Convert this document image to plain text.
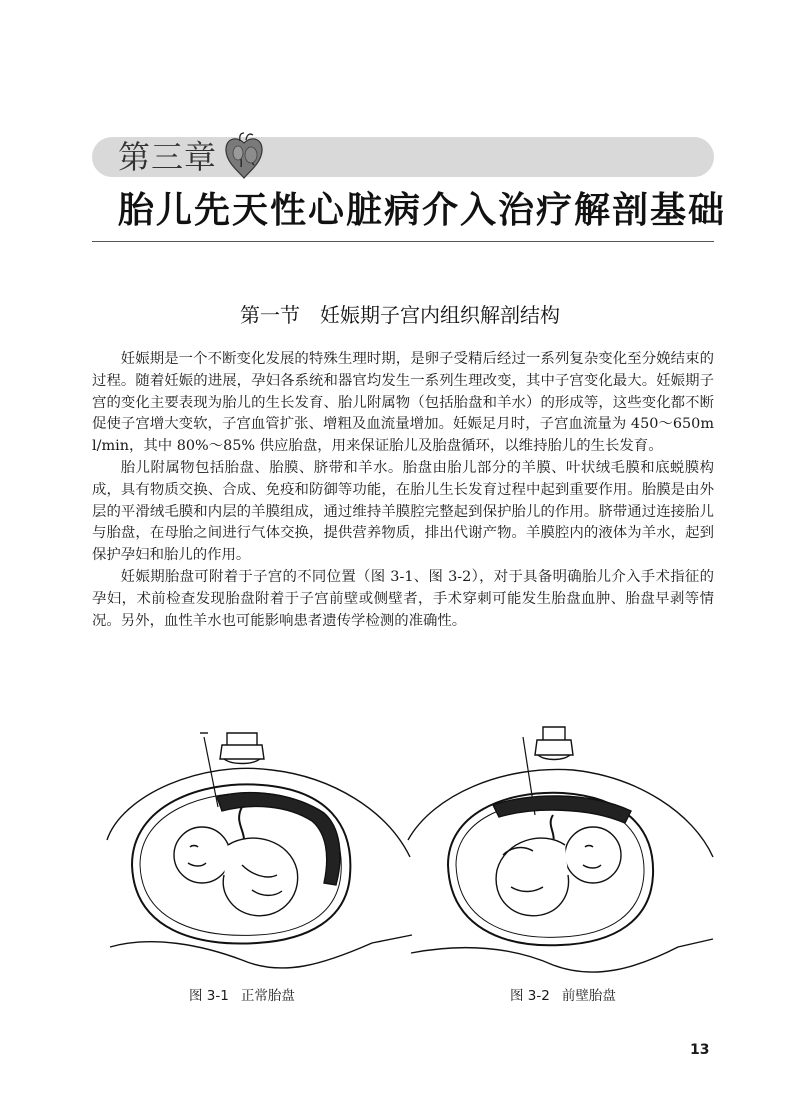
第三章
胎儿先天性心脏病介入治疗解剖基础
第一节　妊娠期子宫内组织解剖结构

妊娠期是一个不断变化发展的特殊生理时期，是卵子受精后经过一系列复杂变化至分娩结束的过程。随着妊娠的进展，孕妇各系统和器官均发生一系列生理改变，其中子宫变化最大。妊娠期子宫的变化主要表现为胎儿的生长发育、胎儿附属物（包括胎盘和羊水）的形成等，这些变化都不断促使子宫增大变软，子宫血管扩张、增粗及血流量增加。妊娠足月时，子宫血流量为 450～650ml/min，其中 80%～85% 供应胎盘，用来保证胎儿及胎盘循环，以维持胎儿的生长发育。

胎儿附属物包括胎盘、胎膜、脐带和羊水。胎盘由胎儿部分的羊膜、叶状绒毛膜和底蜕膜构成，具有物质交换、合成、免疫和防御等功能，在胎儿生长发育过程中起到重要作用。胎膜是由外层的平滑绒毛膜和内层的羊膜组成，通过维持羊膜腔完整起到保护胎儿的作用。脐带通过连接胎儿与胎盘，在母胎之间进行气体交换，提供营养物质，排出代谢产物。羊膜腔内的液体为羊水，起到保护孕妇和胎儿的作用。

妊娠期胎盘可附着于子宫的不同位置（图 3-1、图 3-2），对于具备明确胎儿介入手术指征的孕妇，术前检查发现胎盘附着于子宫前壁或侧壁者，手术穿刺可能发生胎盘血肿、胎盘早剥等情况。另外，血性羊水也可能影响患者遗传学检测的准确性。

图 3-1 正常胎盘	图 3-2 前壁胎盘
13
